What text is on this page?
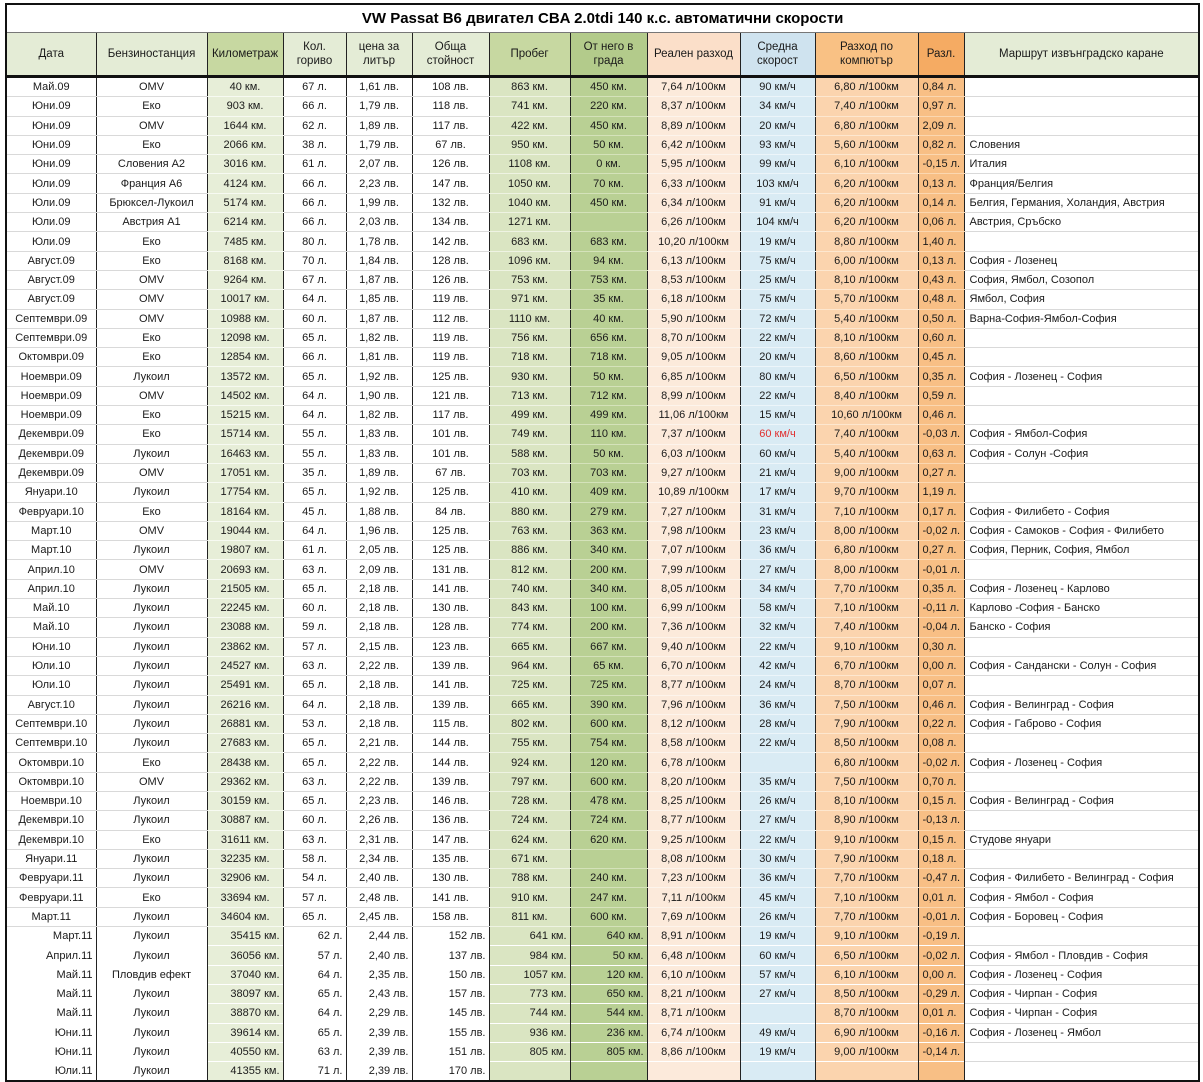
VW Passat B6 двигател CBA 2.0tdi 140 к.с. автоматични скорости												
Дата	Бензиностанция	Километраж	Кол. гориво	цена за литър	Обща стойност	Пробег	От него в града	Реален разход	Средна скорост	Разход по компютър	Разл.	Маршрут извънградско каране
Май.09	OMV	40 км.	67 л.	1,61 лв.	108 лв.	863 км.	450 км.	7,64 л/100км	90 км/ч	6,80 л/100км	0,84 л.	
Юни.09	Еко	903 км.	66 л.	1,79 лв.	118 лв.	741 км.	220 км.	8,37 л/100км	34 км/ч	7,40 л/100км	0,97 л.	
Юни.09	OMV	1644 км.	62 л.	1,89 лв.	117 лв.	422 км.	450 км.	8,89 л/100км	20 км/ч	6,80 л/100км	2,09 л.	
Юни.09	Еко	2066 км.	38 л.	1,79 лв.	67 лв.	950 км.	50 км.	6,42 л/100км	93 км/ч	5,60 л/100км	0,82 л.	Словения
Юни.09	Словения А2	3016 км.	61 л.	2,07 лв.	126 лв.	1108 км.	0 км.	5,95 л/100км	99 км/ч	6,10 л/100км	-0,15 л.	Италия
Юли.09	Франция А6	4124 км.	66 л.	2,23 лв.	147 лв.	1050 км.	70 км.	6,33 л/100км	103 км/ч	6,20 л/100км	0,13 л.	Франция/Белгия
Юли.09	Брюксел-Лукоил	5174 км.	66 л.	1,99 лв.	132 лв.	1040 км.	450 км.	6,34 л/100км	91 км/ч	6,20 л/100км	0,14 л.	Белгия, Германия, Холандия, Австрия
Юли.09	Австрия А1	6214 км.	66 л.	2,03 лв.	134 лв.	1271 км.		6,26 л/100км	104 км/ч	6,20 л/100км	0,06 л.	Австрия, Сръбско
Юли.09	Еко	7485 км.	80 л.	1,78 лв.	142 лв.	683 км.	683 км.	10,20 л/100км	19 км/ч	8,80 л/100км	1,40 л.	
Август.09	Еко	8168 км.	70 л.	1,84 лв.	128 лв.	1096 км.	94 км.	6,13 л/100км	75 км/ч	6,00 л/100км	0,13 л.	София - Лозенец
Август.09	OMV	9264 км.	67 л.	1,87 лв.	126 лв.	753 км.	753 км.	8,53 л/100км	25 км/ч	8,10 л/100км	0,43 л.	София, Ямбол, Созопол
Август.09	OMV	10017 км.	64 л.	1,85 лв.	119 лв.	971 км.	35 км.	6,18 л/100км	75 км/ч	5,70 л/100км	0,48 л.	Ямбол, София
Септември.09	OMV	10988 км.	60 л.	1,87 лв.	112 лв.	1110 км.	40 км.	5,90 л/100км	72 км/ч	5,40 л/100км	0,50 л.	Варна-София-Ямбол-София
Септември.09	Еко	12098 км.	65 л.	1,82 лв.	119 лв.	756 км.	656 км.	8,70 л/100км	22 км/ч	8,10 л/100км	0,60 л.	
Октомври.09	Еко	12854 км.	66 л.	1,81 лв.	119 лв.	718 км.	718 км.	9,05 л/100км	20 км/ч	8,60 л/100км	0,45 л.	
Ноември.09	Лукоил	13572 км.	65 л.	1,92 лв.	125 лв.	930 км.	50 км.	6,85 л/100км	80 км/ч	6,50 л/100км	0,35 л.	София - Лозенец - София
Ноември.09	OMV	14502 км.	64 л.	1,90 лв.	121 лв.	713 км.	712 км.	8,99 л/100км	22 км/ч	8,40 л/100км	0,59 л.	
Ноември.09	Еко	15215 км.	64 л.	1,82 лв.	117 лв.	499 км.	499 км.	11,06 л/100км	15 км/ч	10,60 л/100км	0,46 л.	
Декември.09	Еко	15714 км.	55 л.	1,83 лв.	101 лв.	749 км.	110 км.	7,37 л/100км	60 км/ч	7,40 л/100км	-0,03 л.	София - Ямбол-София
Декември.09	Лукоил	16463 км.	55 л.	1,83 лв.	101 лв.	588 км.	50 км.	6,03 л/100км	60 км/ч	5,40 л/100км	0,63 л.	София - Солун -София
Декември.09	OMV	17051 км.	35 л.	1,89 лв.	67 лв.	703 км.	703 км.	9,27 л/100км	21 км/ч	9,00 л/100км	0,27 л.	
Януари.10	Лукоил	17754 км.	65 л.	1,92 лв.	125 лв.	410 км.	409 км.	10,89 л/100км	17 км/ч	9,70 л/100км	1,19 л.	
Февруари.10	Еко	18164 км.	45 л.	1,88 лв.	84 лв.	880 км.	279 км.	7,27 л/100км	31 км/ч	7,10 л/100км	0,17 л.	София - Филибето - София
Март.10	OMV	19044 км.	64 л.	1,96 лв.	125 лв.	763 км.	363 км.	7,98 л/100км	23 км/ч	8,00 л/100км	-0,02 л.	София - Самоков - София - Филибето
Март.10	Лукоил	19807 км.	61 л.	2,05 лв.	125 лв.	886 км.	340 км.	7,07 л/100км	36 км/ч	6,80 л/100км	0,27 л.	София, Перник, София, Ямбол
Април.10	OMV	20693 км.	63 л.	2,09 лв.	131 лв.	812 км.	200 км.	7,99 л/100км	27 км/ч	8,00 л/100км	-0,01 л.	
Април.10	Лукоил	21505 км.	65 л.	2,18 лв.	141 лв.	740 км.	340 км.	8,05 л/100км	34 км/ч	7,70 л/100км	0,35 л.	София - Лозенец - Карлово
Май.10	Лукоил	22245 км.	60 л.	2,18 лв.	130 лв.	843 км.	100 км.	6,99 л/100км	58 км/ч	7,10 л/100км	-0,11 л.	Карлово -София - Банско
Май.10	Лукоил	23088 км.	59 л.	2,18 лв.	128 лв.	774 км.	200 км.	7,36 л/100км	32 км/ч	7,40 л/100км	-0,04 л.	Банско - София
Юни.10	Лукоил	23862 км.	57 л.	2,15 лв.	123 лв.	665 км.	667 км.	9,40 л/100км	22 км/ч	9,10 л/100км	0,30 л.	
Юли.10	Лукоил	24527 км.	63 л.	2,22 лв.	139 лв.	964 км.	65 км.	6,70 л/100км	42 км/ч	6,70 л/100км	0,00 л.	София - Сандански - Солун - София
Юли.10	Лукоил	25491 км.	65 л.	2,18 лв.	141 лв.	725 км.	725 км.	8,77 л/100км	24 км/ч	8,70 л/100км	0,07 л.	
Август.10	Лукоил	26216 км.	64 л.	2,18 лв.	139 лв.	665 км.	390 км.	7,96 л/100км	36 км/ч	7,50 л/100км	0,46 л.	София - Велинград - София
Септември.10	Лукоил	26881 км.	53 л.	2,18 лв.	115 лв.	802 км.	600 км.	8,12 л/100км	28 км/ч	7,90 л/100км	0,22 л.	София - Габрово - София
Септември.10	Лукоил	27683 км.	65 л.	2,21 лв.	144 лв.	755 км.	754 км.	8,58 л/100км	22 км/ч	8,50 л/100км	0,08 л.	
Октомври.10	Еко	28438 км.	65 л.	2,22 лв.	144 лв.	924 км.	120 км.	6,78 л/100км		6,80 л/100км	-0,02 л.	София - Лозенец - София
Октомври.10	OMV	29362 км.	63 л.	2,22 лв.	139 лв.	797 км.	600 км.	8,20 л/100км	35 км/ч	7,50 л/100км	0,70 л.	
Ноември.10	Лукоил	30159 км.	65 л.	2,23 лв.	146 лв.	728 км.	478 км.	8,25 л/100км	26 км/ч	8,10 л/100км	0,15 л.	София - Велинград - София
Декември.10	Лукоил	30887 км.	60 л.	2,26 лв.	136 лв.	724 км.	724 км.	8,77 л/100км	27 км/ч	8,90 л/100км	-0,13 л.	
Декември.10	Еко	31611 км.	63 л.	2,31 лв.	147 лв.	624 км.	620 км.	9,25 л/100км	22 км/ч	9,10 л/100км	0,15 л.	Студове януари
Януари.11	Лукоил	32235 км.	58 л.	2,34 лв.	135 лв.	671 км.		8,08 л/100км	30 км/ч	7,90 л/100км	0,18 л.	
Февруари.11	Лукоил	32906 км.	54 л.	2,40 лв.	130 лв.	788 км.	240 км.	7,23 л/100км	36 км/ч	7,70 л/100км	-0,47 л.	София - Филибето - Велинград - София
Февруари.11	Еко	33694 км.	57 л.	2,48 лв.	141 лв.	910 км.	247 км.	7,11 л/100км	45 км/ч	7,10 л/100км	0,01 л.	София - Ямбол - София
Март.11	Лукоил	34604 км.	65 л.	2,45 лв.	158 лв.	811 км.	600 км.	7,69 л/100км	26 км/ч	7,70 л/100км	-0,01 л.	София - Боровец - София
Март.11	Лукоил	35415 км.	62 л.	2,44 лв.	152 лв.	641 км.	640 км.	8,91 л/100км	19 км/ч	9,10 л/100км	-0,19 л.	
Април.11	Лукоил	36056 км.	57 л.	2,40 лв.	137 лв.	984 км.	50 км.	6,48 л/100км	60 км/ч	6,50 л/100км	-0,02 л.	София - Ямбол - Пловдив - София
Май.11	Пловдив ефект	37040 км.	64 л.	2,35 лв.	150 лв.	1057 км.	120 км.	6,10 л/100км	57 км/ч	6,10 л/100км	0,00 л.	София - Лозенец - София
Май.11	Лукоил	38097 км.	65 л.	2,43 лв.	157 лв.	773 км.	650 км.	8,21 л/100км	27 км/ч	8,50 л/100км	-0,29 л.	София - Чирпан - София
Май.11	Лукоил	38870 км.	64 л.	2,29 лв.	145 лв.	744 км.	544 км.	8,71 л/100км		8,70 л/100км	0,01 л.	София - Чирпан - София
Юни.11	Лукоил	39614 км.	65 л.	2,39 лв.	155 лв.	936 км.	236 км.	6,74 л/100км	49 км/ч	6,90 л/100км	-0,16 л.	София - Лозенец - Ямбол
Юни.11	Лукоил	40550 км.	63 л.	2,39 лв.	151 лв.	805 км.	805 км.	8,86 л/100км	19 км/ч	9,00 л/100км	-0,14 л.	
Юли.11	Лукоил	41355 км.	71 л.	2,39 лв.	170 лв.							
